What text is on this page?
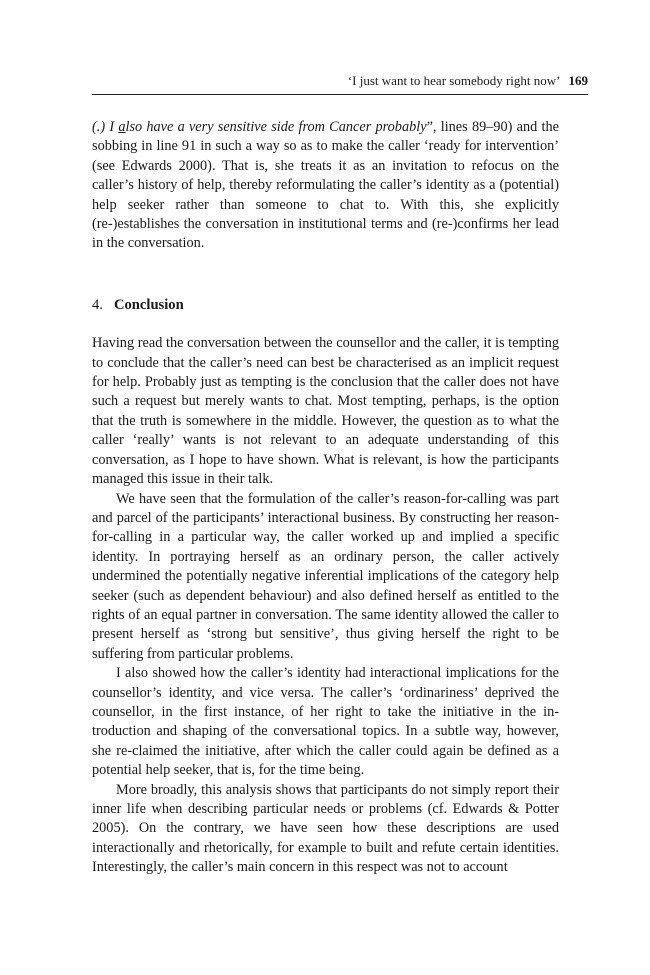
‘I just want to hear somebody right now’ 169

(.) I also have a very sensitive side from Cancer probably”, lines 89–90) and the sobbing in line 91 in such a way so as to make the caller ‘ready for intervention’ (see Edwards 2000). That is, she treats it as an invitation to refocus on the caller’s history of help, thereby reformulating the caller’s identity as a (potential) help seeker rather than someone to chat to. With this, she explicitly (re-)establishes the conversation in institutional terms and (re-)confirms her lead in the conversation.

4. Conclusion

Having read the conversation between the counsellor and the caller, it is tempting to conclude that the caller’s need can best be characterised as an implicit request for help. Probably just as tempting is the conclusion that the caller does not have such a request but merely wants to chat. Most tempting, perhaps, is the option that the truth is somewhere in the middle. However, the question as to what the caller ‘really’ wants is not relevant to an adequate understanding of this conversation, as I hope to have shown. What is relevant, is how the participants managed this issue in their talk.

We have seen that the formulation of the caller’s reason-for-calling was part and parcel of the participants’ interactional business. By constructing her reason-for-calling in a particular way, the caller worked up and implied a specific identity. In portraying herself as an ordinary person, the caller actively undermined the potentially negative inferential implications of the category help seeker (such as dependent behaviour) and also defined herself as entitled to the rights of an equal partner in conversation. The same identity allowed the caller to present herself as ‘strong but sensitive’, thus giving herself the right to be suffering from particular problems.

I also showed how the caller’s identity had interactional implications for the counsellor’s identity, and vice versa. The caller’s ‘ordinariness’ deprived the counsellor, in the first instance, of her right to take the initiative in the introduction and shaping of the conversational topics. In a subtle way, however, she re-claimed the initiative, after which the caller could again be defined as a potential help seeker, that is, for the time being.

More broadly, this analysis shows that participants do not simply report their inner life when describing particular needs or problems (cf. Edwards & Potter 2005). On the contrary, we have seen how these descriptions are used interactionally and rhetorically, for example to built and refute certain identities. Interestingly, the caller’s main concern in this respect was not to account
